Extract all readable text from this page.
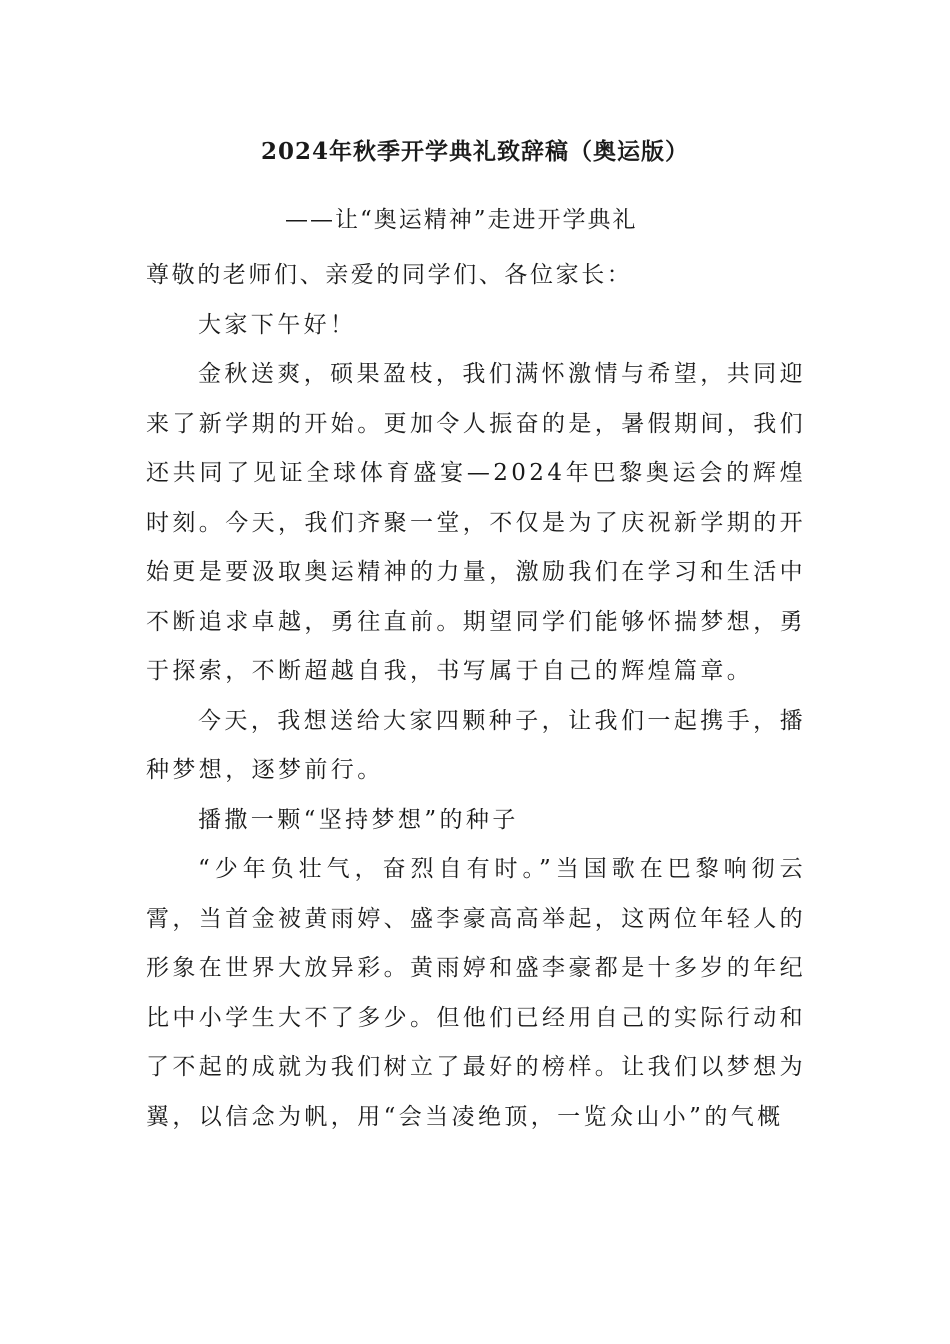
2024年秋季开学典礼致辞稿（奥运版）
——让“奥运精神”走进开学典礼

尊敬的老师们、亲爱的同学们、各位家长：

大家下午好！

金秋送爽，硕果盈枝，我们满怀激情与希望，共同迎来了新学期的开始。更加令人振奋的是，暑假期间，我们还共同了见证全球体育盛宴—2024年巴黎奥运会的辉煌时刻。今天，我们齐聚一堂，不仅是为了庆祝新学期的开始更是要汲取奥运精神的力量，激励我们在学习和生活中不断追求卓越，勇往直前。期望同学们能够怀揣梦想，勇于探索，不断超越自我，书写属于自己的辉煌篇章。

今天，我想送给大家四颗种子，让我们一起携手，播种梦想，逐梦前行。

播撒一颗“坚持梦想”的种子

“少年负壮气，奋烈自有时。”当国歌在巴黎响彻云霄，当首金被黄雨婷、盛李豪高高举起，这两位年轻人的形象在世界大放异彩。黄雨婷和盛李豪都是十多岁的年纪比中小学生大不了多少。但他们已经用自己的实际行动和了不起的成就为我们树立了最好的榜样。让我们以梦想为翼，以信念为帆，用“会当凌绝顶，一览众山小”的气概
